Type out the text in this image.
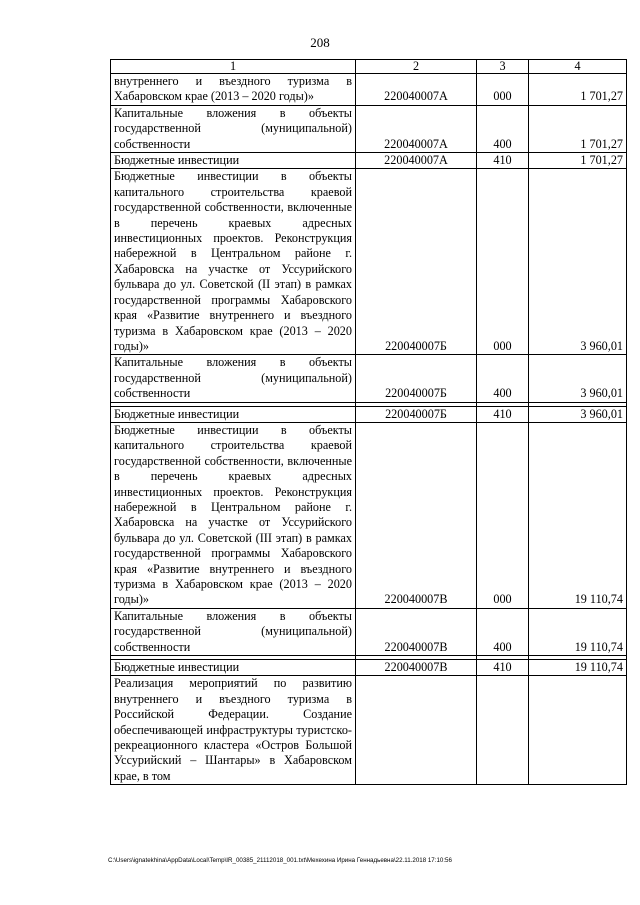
208
1	2	3	4
внутреннего и въездного туризма в Хабаровском крае (2013 – 2020 годы)»	220040007А	000	1 701,27
Капитальные вложения в объекты государственной (муниципальной) собственности	220040007А	400	1 701,27
Бюджетные инвестиции	220040007А	410	1 701,27
Бюджетные инвестиции в объекты капитального строительства краевой государственной собственности, включенные в перечень краевых адресных инвестиционных проектов. Реконструкция набережной в Центральном районе г. Хабаровска на участке от Уссурийского бульвара до ул. Советской (II этап) в рамках государственной программы Хабаровского края «Развитие внутреннего и въездного туризма в Хабаровском крае (2013 – 2020 годы)»	220040007Б	000	3 960,01
Капитальные вложения в объекты государственной (муниципальной) собственности	220040007Б	400	3 960,01

Бюджетные инвестиции	220040007Б	410	3 960,01
Бюджетные инвестиции в объекты капитального строительства краевой государственной собственности, включенные в перечень краевых адресных инвестиционных проектов. Реконструкция набережной в Центральном районе г. Хабаровска на участке от Уссурийского бульвара до ул. Советской (III этап) в рамках государственной программы Хабаровского края «Развитие внутреннего и въездного туризма в Хабаровском крае (2013 – 2020 годы)»	220040007В	000	19 110,74
Капитальные вложения в объекты государственной (муниципальной) собственности	220040007В	400	19 110,74

Бюджетные инвестиции	220040007В	410	19 110,74
Реализация мероприятий по развитию внутреннего и въездного туризма в Российской Федерации. Создание обеспечивающей инфраструктуры туристско-рекреационного кластера «Остров Большой Уссурийский – Шантары» в Хабаровском крае, в том			
C:\Users\ignatekhina\AppData\Local\Temp\IR_00385_21112018_001.txt\Мехехина Ирина Геннадьевна\22.11.2018 17:10:56
